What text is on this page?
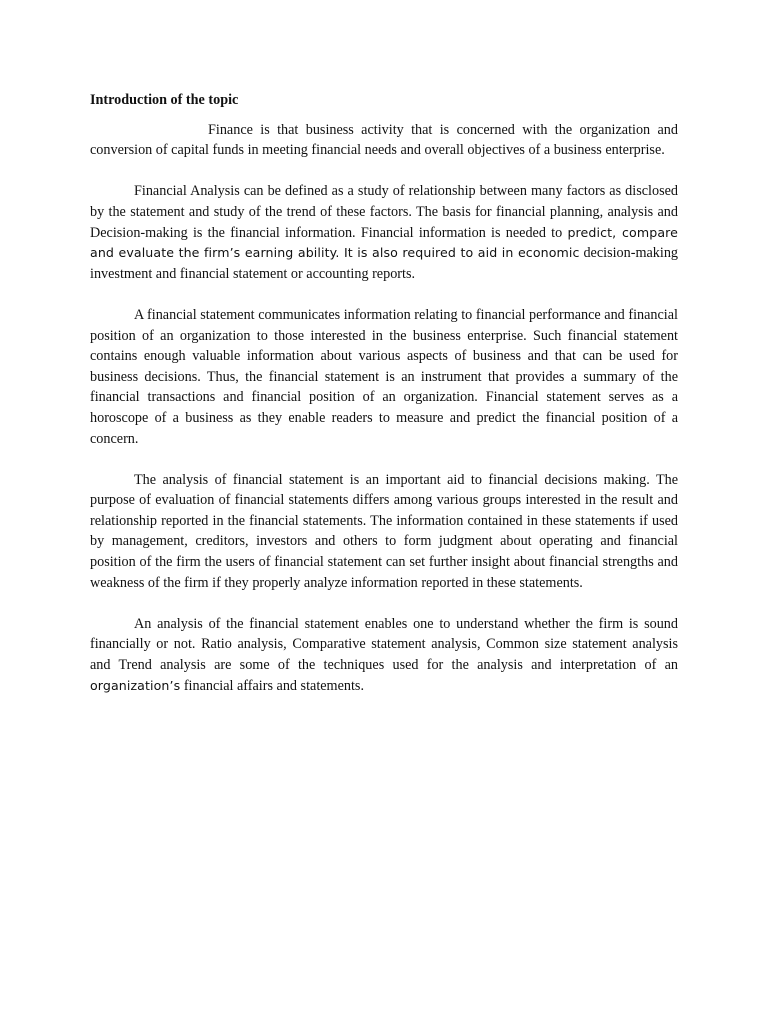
Introduction of the topic

Finance is that business activity that is concerned with the organization and conversion of capital funds in meeting financial needs and overall objectives of a business enterprise.

Financial Analysis can be defined as a study of relationship between many factors as disclosed by the statement and study of the trend of these factors. The basis for financial planning, analysis and Decision-making is the financial information. Financial information is needed to predict, compare and evaluate the firm’s earning ability. It is also required to aid in economic decision-making investment and financial statement or accounting reports.

A financial statement communicates information relating to financial performance and financial position of an organization to those interested in the business enterprise. Such financial statement contains enough valuable information about various aspects of business and that can be used for business decisions. Thus, the financial statement is an instrument that provides a summary of the financial transactions and financial position of an organization. Financial statement serves as a horoscope of a business as they enable readers to measure and predict the financial position of a concern.

The analysis of financial statement is an important aid to financial decisions making. The purpose of evaluation of financial statements differs among various groups interested in the result and relationship reported in the financial statements. The information contained in these statements if used by management, creditors, investors and others to form judgment about operating and financial position of the firm the users of financial statement can set further insight about financial strengths and weakness of the firm if they properly analyze information reported in these statements.

An analysis of the financial statement enables one to understand whether the firm is sound financially or not. Ratio analysis, Comparative statement analysis, Common size statement analysis and Trend analysis are some of the techniques used for the analysis and interpretation of an organization’s financial affairs and statements.
